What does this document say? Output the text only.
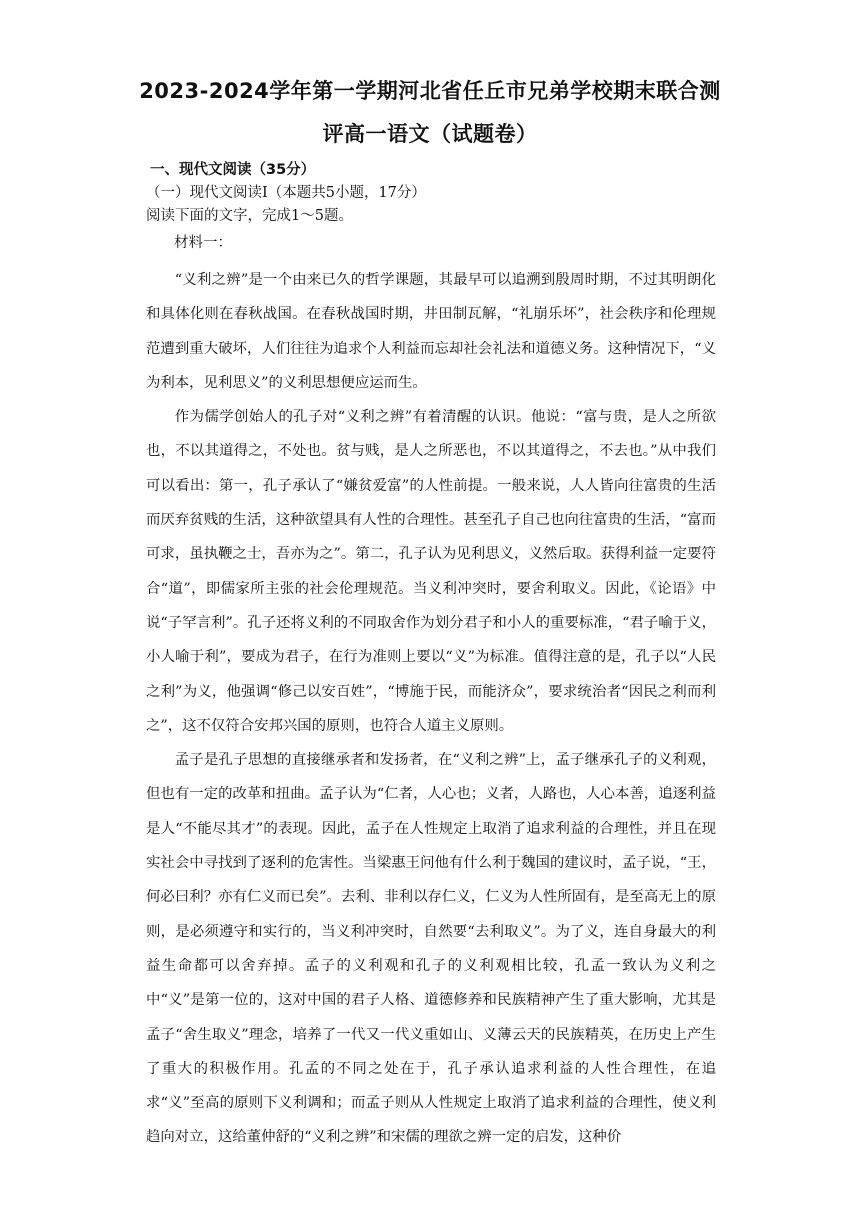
2023-2024学年第一学期河北省任丘市兄弟学校期末联合测
评高一语文（试题卷）
一、现代文阅读（35分）
（一）现代文阅读Ⅰ（本题共5小题，17分）
阅读下面的文字，完成1～5题。
材料一：

“义利之辨”是一个由来已久的哲学课题，其最早可以追溯到殷周时期，不过其明朗化和具体化则在春秋战国。在春秋战国时期，井田制瓦解，“礼崩乐坏”，社会秩序和伦理规范遭到重大破坏，人们往往为追求个人利益而忘却社会礼法和道德义务。这种情况下，“义为利本，见利思义”的义利思想便应运而生。

作为儒学创始人的孔子对“义利之辨”有着清醒的认识。他说：“富与贵，是人之所欲也，不以其道得之，不处也。贫与贱，是人之所恶也，不以其道得之，不去也。”从中我们可以看出：第一，孔子承认了“嫌贫爱富”的人性前提。一般来说，人人皆向往富贵的生活而厌弃贫贱的生活，这种欲望具有人性的合理性。甚至孔子自己也向往富贵的生活，“富而可求，虽执鞭之士，吾亦为之”。第二，孔子认为见利思义，义然后取。获得利益一定要符合“道”，即儒家所主张的社会伦理规范。当义利冲突时，要舍利取义。因此，《论语》中说“子罕言利”。孔子还将义利的不同取舍作为划分君子和小人的重要标准，“君子喻于义，小人喻于利”，要成为君子，在行为准则上要以“义”为标准。值得注意的是，孔子以“人民之利”为义，他强调“修己以安百姓”，“博施于民，而能济众”，要求统治者“因民之利而利之”，这不仅符合安邦兴国的原则，也符合人道主义原则。

孟子是孔子思想的直接继承者和发扬者，在“义利之辨”上，孟子继承孔子的义利观，但也有一定的改革和扭曲。孟子认为“仁者，人心也；义者，人路也，人心本善，追逐利益是人“不能尽其才”的表现。因此，孟子在人性规定上取消了追求利益的合理性，并且在现实社会中寻找到了逐利的危害性。当梁惠王问他有什么利于魏国的建议时，孟子说，“王，何必曰利？亦有仁义而已矣”。去利、非利以存仁义，仁义为人性所固有，是至高无上的原则，是必须遵守和实行的，当义利冲突时，自然要“去利取义”。为了义，连自身最大的利益生命都可以舍弃掉。孟子的义利观和孔子的义利观相比较，孔孟一致认为义利之中“义”是第一位的，这对中国的君子人格、道德修养和民族精神产生了重大影响，尤其是孟子“舍生取义”理念，培养了一代又一代义重如山、义薄云天的民族精英，在历史上产生了重大的积极作用。孔孟的不同之处在于，孔子承认追求利益的人性合理性，在追求“义”至高的原则下义利调和；而孟子则从人性规定上取消了追求利益的合理性，使义利趋向对立，这给董仲舒的“义利之辨”和宋儒的理欲之辨一定的启发，这种价
